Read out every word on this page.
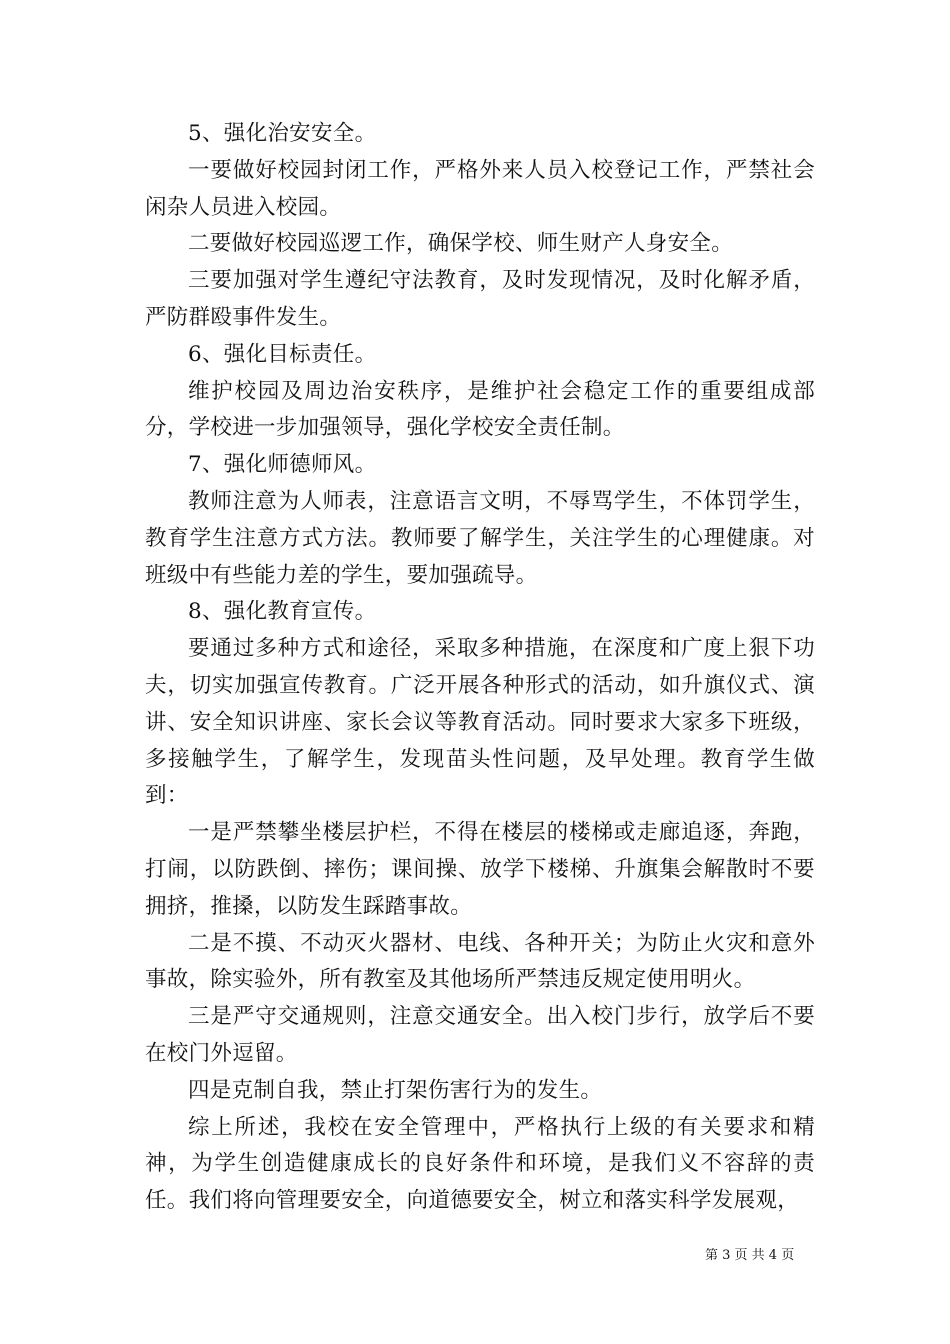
5、强化治安安全。

一要做好校园封闭工作，严格外来人员入校登记工作，严禁社会闲杂人员进入校园。

二要做好校园巡逻工作，确保学校、师生财产人身安全。

三要加强对学生遵纪守法教育，及时发现情况，及时化解矛盾，严防群殴事件发生。

6、强化目标责任。

维护校园及周边治安秩序，是维护社会稳定工作的重要组成部分，学校进一步加强领导，强化学校安全责任制。

7、强化师德师风。

教师注意为人师表，注意语言文明，不辱骂学生，不体罚学生，教育学生注意方式方法。教师要了解学生，关注学生的心理健康。对班级中有些能力差的学生，要加强疏导。

8、强化教育宣传。

要通过多种方式和途径，采取多种措施，在深度和广度上狠下功夫，切实加强宣传教育。广泛开展各种形式的活动，如升旗仪式、演讲、安全知识讲座、家长会议等教育活动。同时要求大家多下班级，多接触学生，了解学生，发现苗头性问题，及早处理。教育学生做到：

一是严禁攀坐楼层护栏，不得在楼层的楼梯或走廊追逐，奔跑，打闹，以防跌倒、摔伤；课间操、放学下楼梯、升旗集会解散时不要拥挤，推搡，以防发生踩踏事故。

二是不摸、不动灭火器材、电线、各种开关；为防止火灾和意外事故，除实验外，所有教室及其他场所严禁违反规定使用明火。

三是严守交通规则，注意交通安全。出入校门步行，放学后不要在校门外逗留。

四是克制自我，禁止打架伤害行为的发生。

综上所述，我校在安全管理中，严格执行上级的有关要求和精神，为学生创造健康成长的良好条件和环境，是我们义不容辞的责任。我们将向管理要安全，向道德要安全，树立和落实科学发展观，

第 3 页 共 4 页
